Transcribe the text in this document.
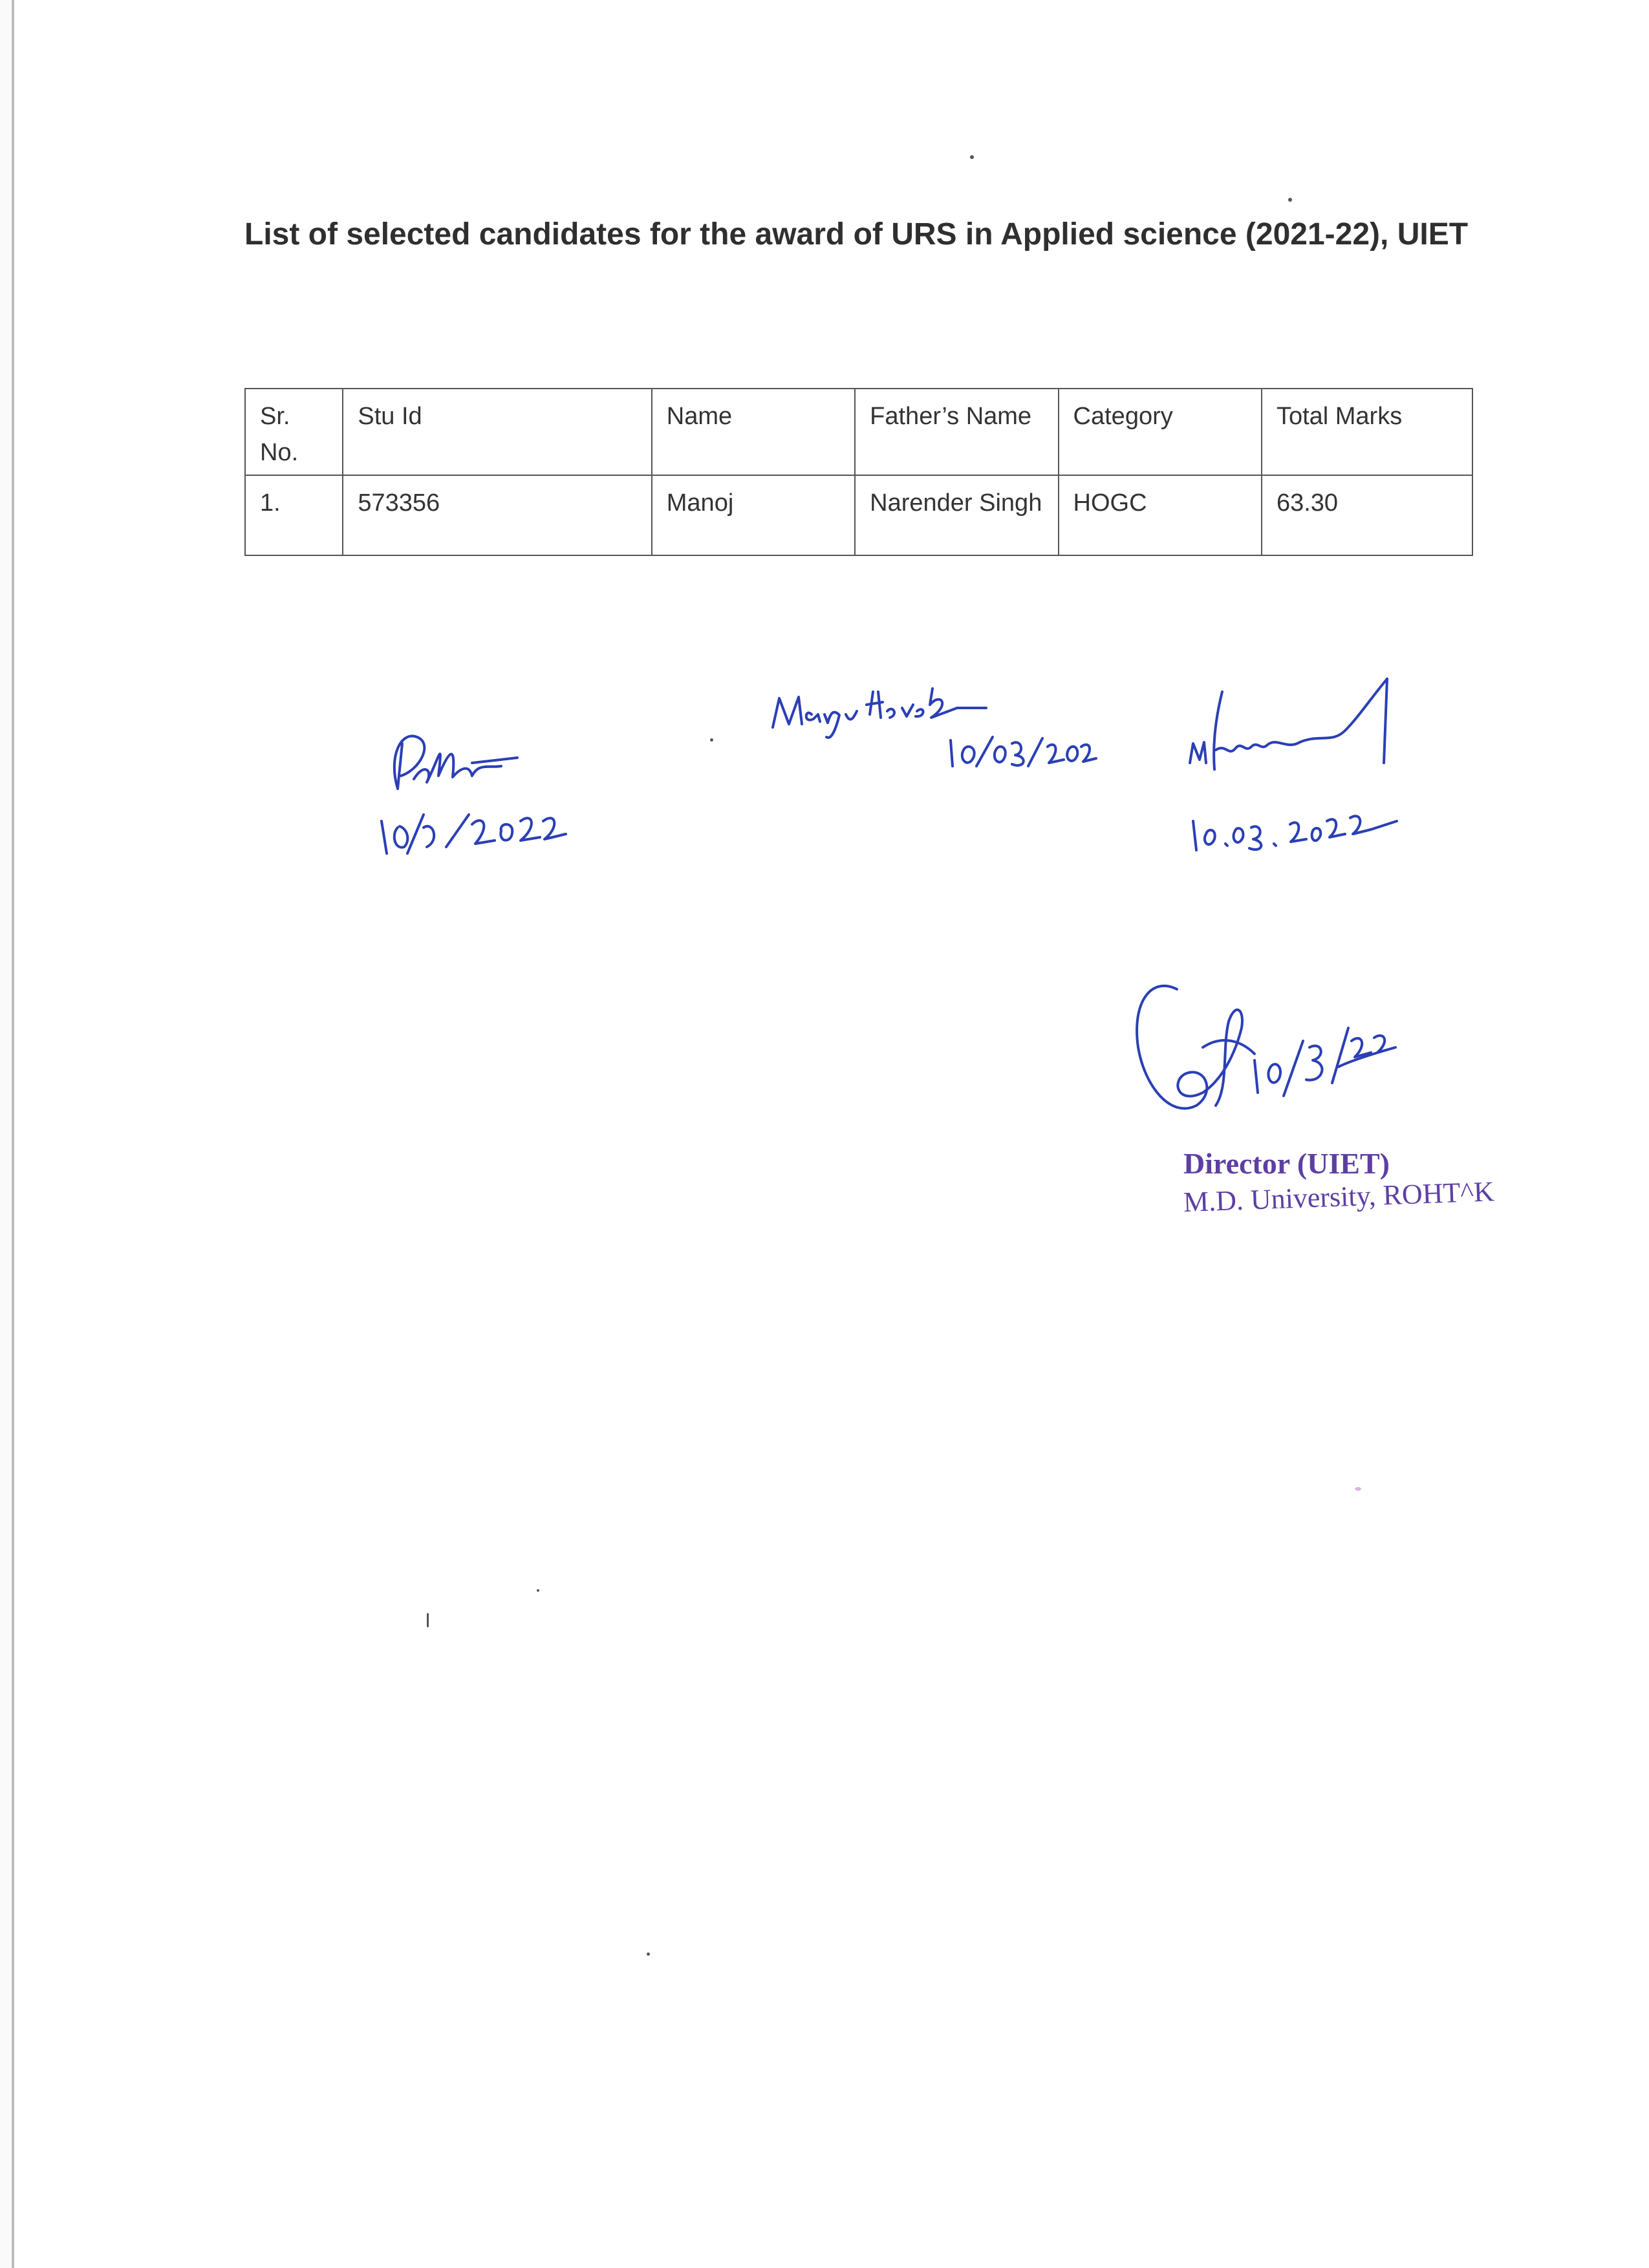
List of selected candidates for the award of URS in Applied science (2021-22), UIET
Sr. No.	Stu Id	Name	Father’s Name	Category	Total Marks
1.	573356	Manoj	Narender Singh	HOGC	63.30
Director (UIET)
M.D. University, ROHT^K
